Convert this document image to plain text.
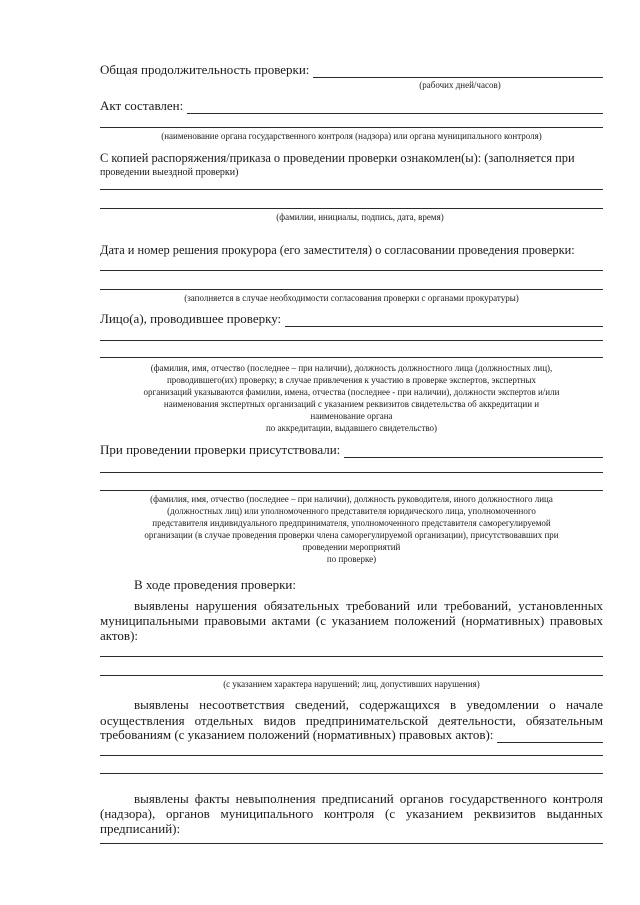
Общая продолжительность проверки:
(рабочих дней/часов)
Акт составлен:
(наименование органа государственного контроля (надзора) или органа муниципального контроля)
С копией распоряжения/приказа о проведении проверки ознакомлен(ы): (заполняется при
проведении выездной проверки)
(фамилии, инициалы, подпись, дата, время)
Дата и номер решения прокурора (его заместителя) о согласовании проведения проверки:
(заполняется в случае необходимости согласования проверки с органами прокуратуры)
Лицо(а), проводившее проверку:
(фамилия, имя, отчество (последнее – при наличии), должность должностного лица (должностных лиц),
проводившего(их) проверку; в случае привлечения к участию в проверке экспертов, экспертных
организаций указываются фамилии, имена, отчества (последнее - при наличии), должности экспертов и/или
наименования экспертных организаций с указанием реквизитов свидетельства об аккредитации и
наименование органа
по аккредитации, выдавшего свидетельство)
При проведении проверки присутствовали:
(фамилия, имя, отчество (последнее – при наличии), должность руководителя, иного должностного лица
(должностных лиц) или уполномоченного представителя юридического лица, уполномоченного
представителя индивидуального предпринимателя, уполномоченного представителя саморегулируемой
организации (в случае проведения проверки члена саморегулируемой организации), присутствовавших при
проведении мероприятий
по проверке)
В ходе проведения проверки:
выявлены нарушения обязательных требований или требований, установленных
муниципальными правовыми актами (с указанием положений (нормативных) правовых
актов):
(с указанием характера нарушений; лиц, допустивших нарушения)
выявлены несоответствия сведений, содержащихся в уведомлении о начале
осуществления отдельных видов предпринимательской деятельности, обязательным
требованиям (с указанием положений (нормативных) правовых актов):
выявлены факты невыполнения предписаний органов государственного контроля
(надзора), органов муниципального контроля (с указанием реквизитов выданных
предписаний):
